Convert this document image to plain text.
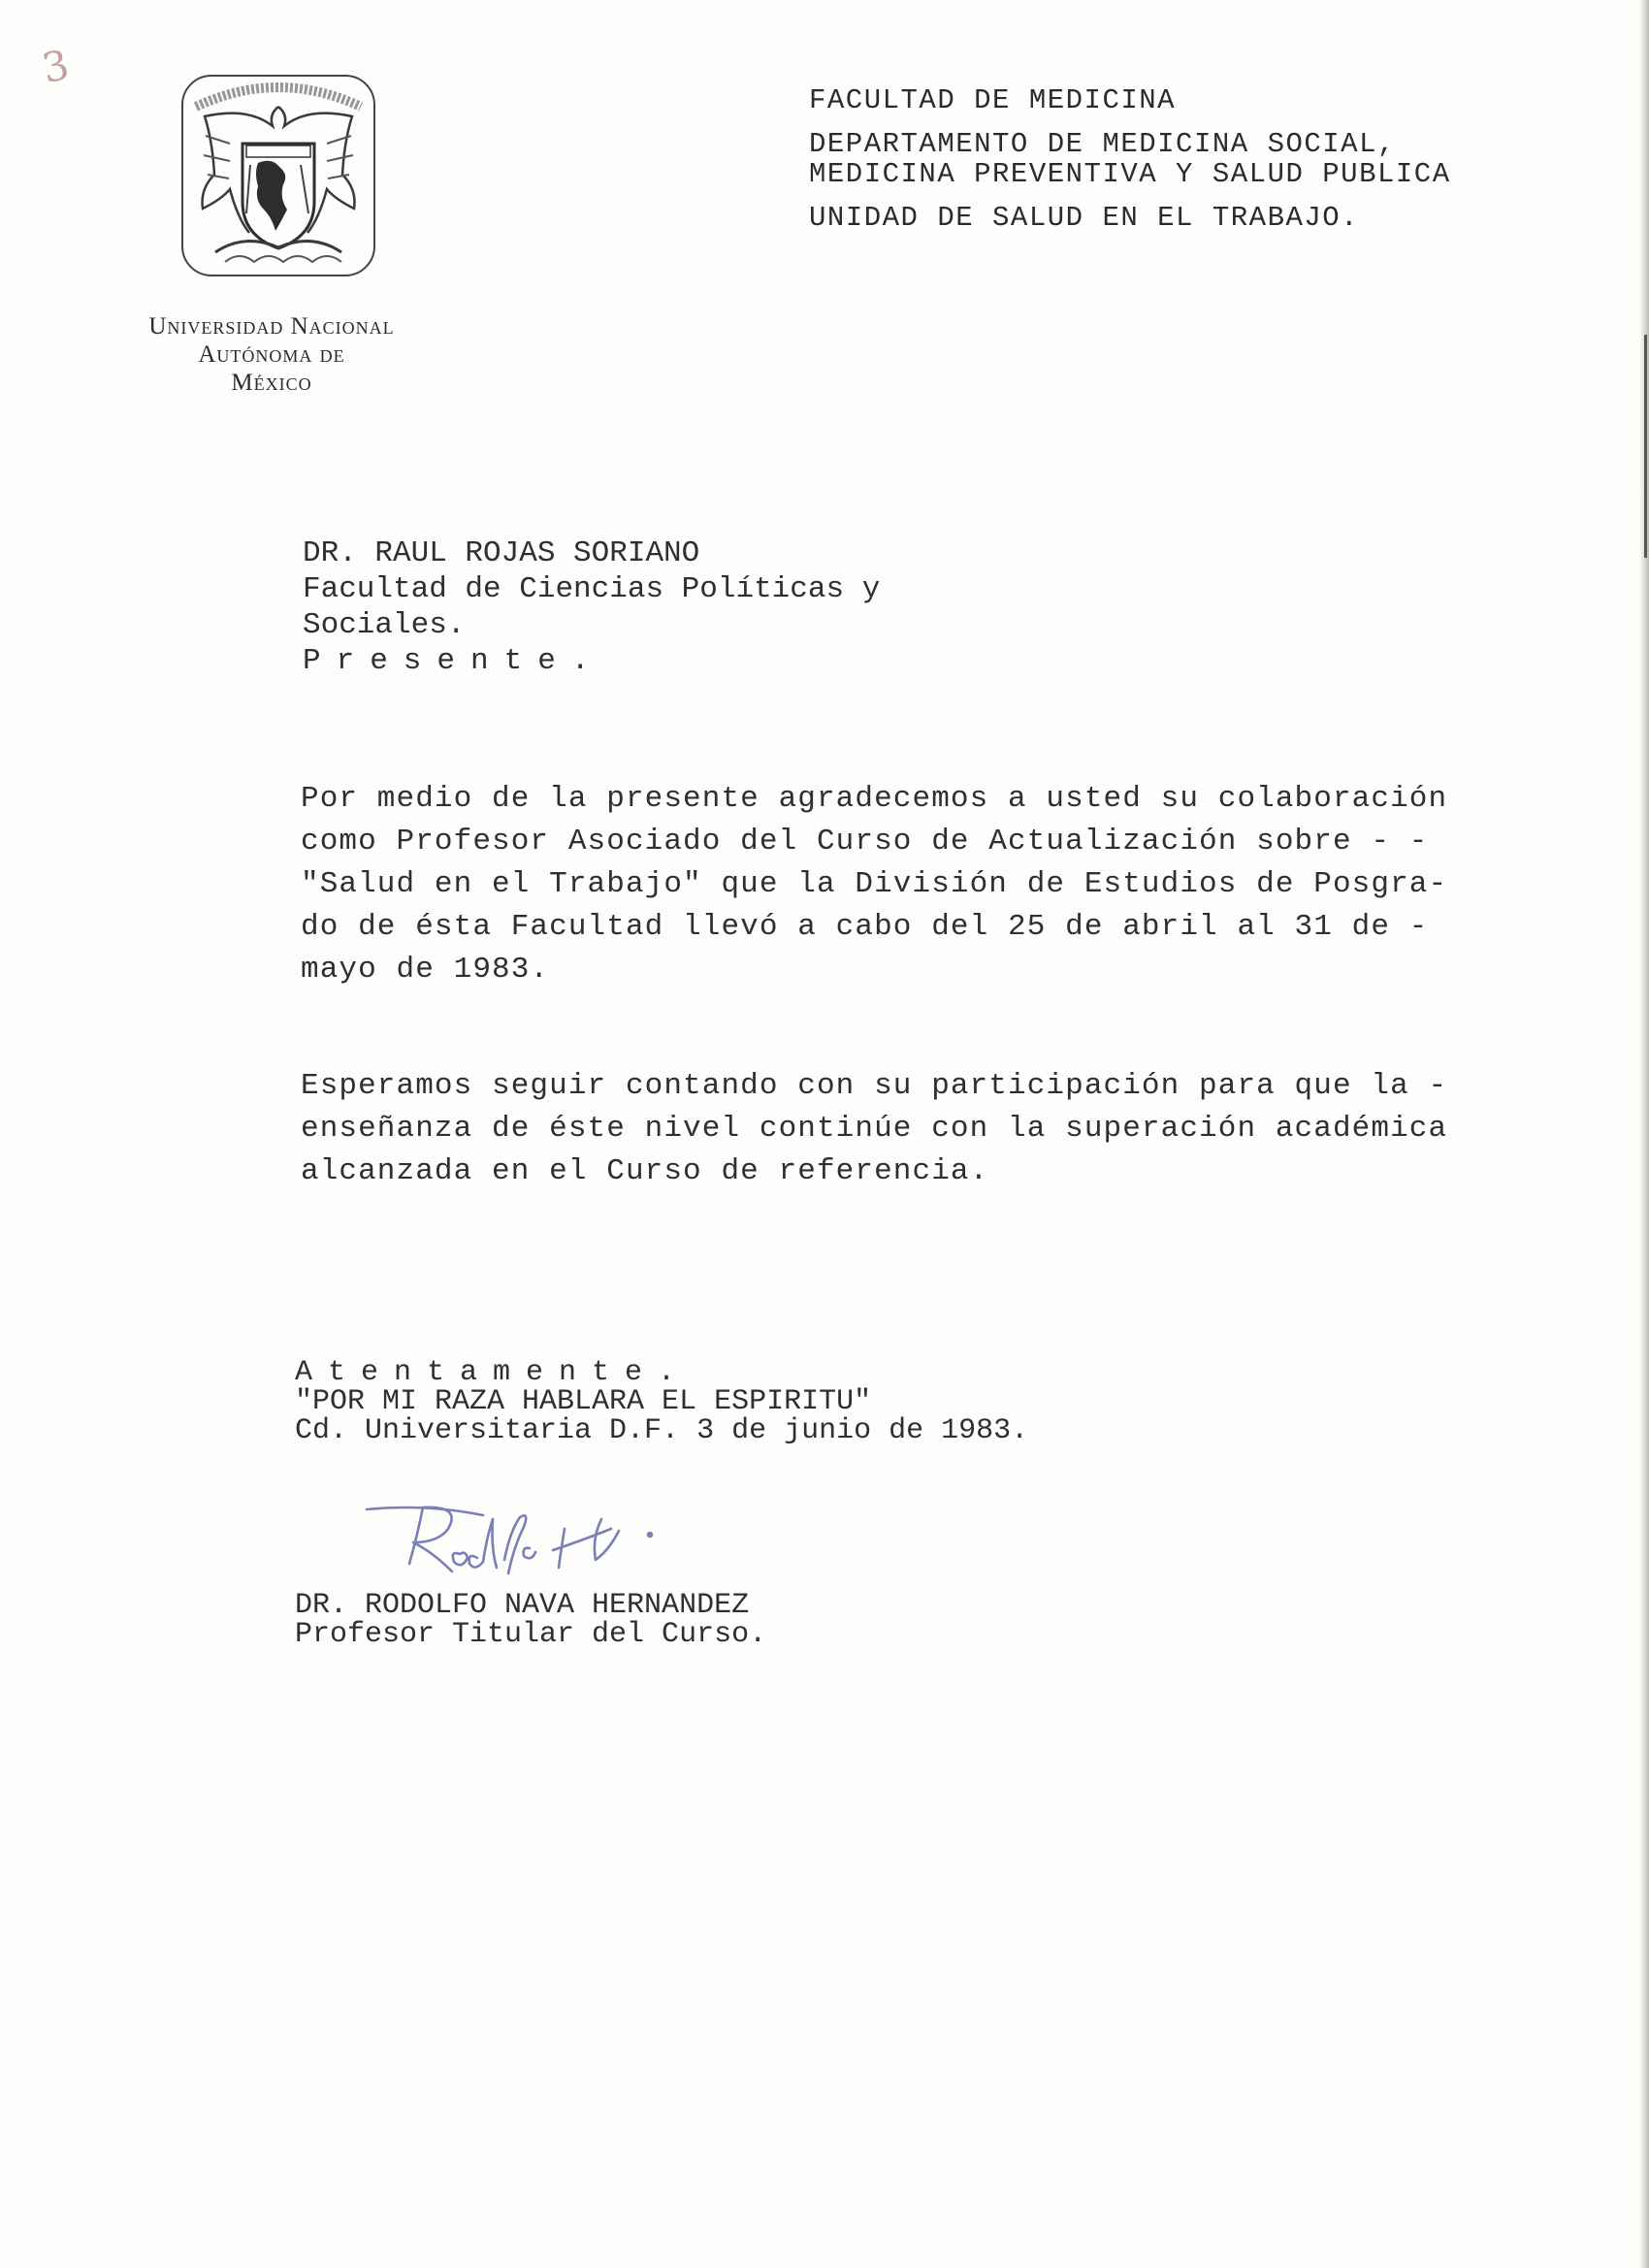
3
Universidad Nacional
Autónoma de
México
FACULTAD DE MEDICINA
DEPARTAMENTO DE MEDICINA SOCIAL,
MEDICINA PREVENTIVA Y SALUD PUBLICA
UNIDAD DE SALUD EN EL TRABAJO.
DR. RAUL ROJAS SORIANO
Facultad de Ciencias Políticas y
Sociales.
Presente.
Por medio de la presente agradecemos a usted su colaboración
como Profesor Asociado del Curso de Actualización sobre - -
"Salud en el Trabajo" que la División de Estudios de Posgra-
do de ésta Facultad llevó a cabo del 25 de abril al 31 de -
mayo de 1983.
Esperamos seguir contando con su participación para que la -
enseñanza de éste nivel continúe con la superación académica
alcanzada en el Curso de referencia.
Atentamente.
"POR MI RAZA HABLARA EL ESPIRITU"
Cd. Universitaria D.F. 3 de junio de 1983.
DR. RODOLFO NAVA HERNANDEZ
Profesor Titular del Curso.
